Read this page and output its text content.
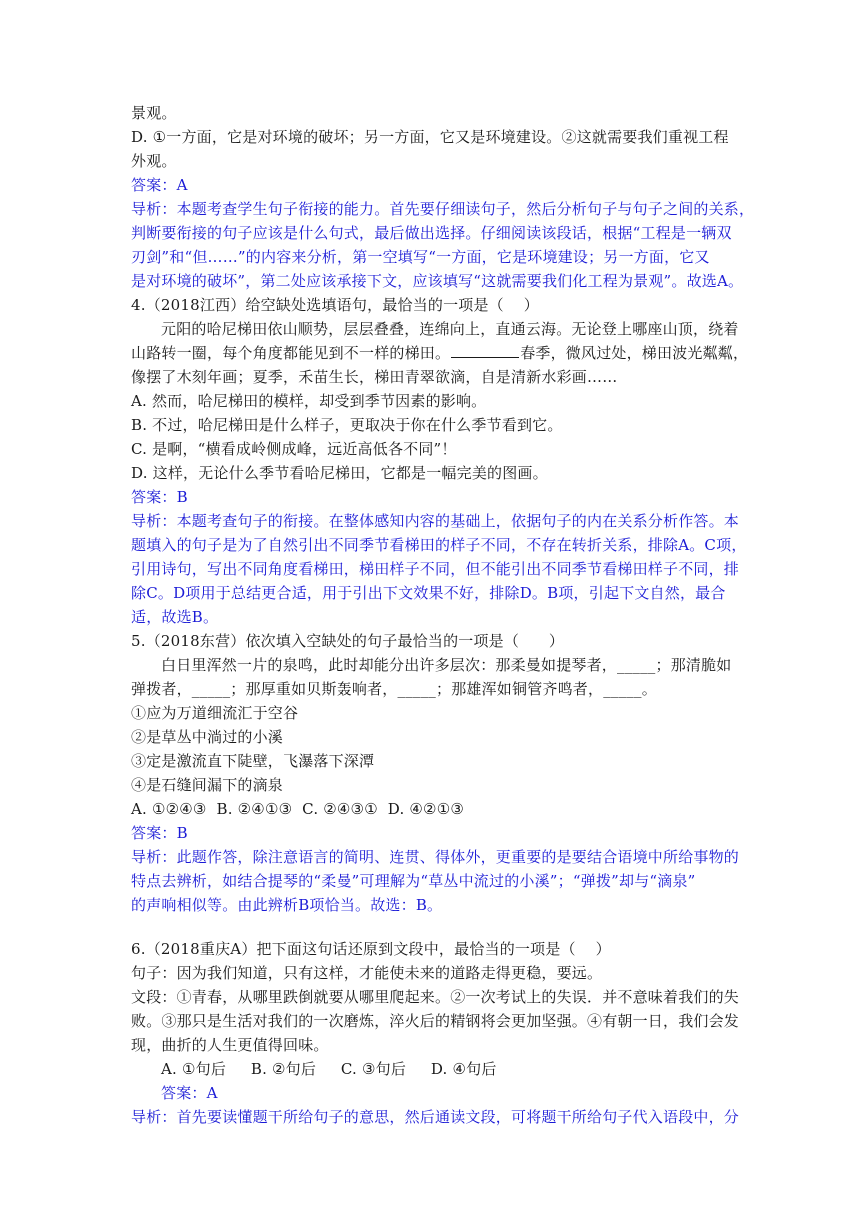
景观。

D. ①一方面，它是对环境的破坏；另一方面，它又是环境建设。②这就需要我们重视工程

外观。

答案：A

导析：本题考查学生句子衔接的能力。首先要仔细读句子，然后分析句子与句子之间的关系，

判断要衔接的句子应该是什么句式，最后做出选择。仔细阅读该段话，根据“工程是一辆双

刃剑”和“但……”的内容来分析，第一空填写“一方面，它是环境建设；另一方面，它又

是对环境的破坏”，第二处应该承接下文，应该填写“这就需要我们化工程为景观”。故选A。

4.（2018江西）给空缺处选填语句，最恰当的一项是（    ）

元阳的哈尼梯田依山顺势，层层叠叠，连绵向上，直通云海。无论登上哪座山顶，绕着

山路转一圈，每个角度都能见到不一样的梯田。	春季，微风过处，梯田波光粼粼，

像摆了木刻年画；夏季，禾苗生长，梯田青翠欲滴，自是清新水彩画……

A. 然而，哈尼梯田的模样，却受到季节因素的影响。

B. 不过，哈尼梯田是什么样子，更取决于你在什么季节看到它。

C. 是啊，“横看成岭侧成峰，远近高低各不同”！

D. 这样，无论什么季节看哈尼梯田，它都是一幅完美的图画。

答案：B

导析：本题考查句子的衔接。在整体感知内容的基础上，依据句子的内在关系分析作答。本

题填入的句子是为了自然引出不同季节看梯田的样子不同，不存在转折关系，排除A。C项，

引用诗句，写出不同角度看梯田，梯田样子不同，但不能引出不同季节看梯田样子不同，排

除C。D项用于总结更合适，用于引出下文效果不好，排除D。B项，引起下文自然，最合

适，故选B。

5.（2018东营）依次填入空缺处的句子最恰当的一项是（      ）

白日里浑然一片的泉鸣，此时却能分出许多层次：那柔曼如提琴者，_____；那清脆如

弹拨者，_____；那厚重如贝斯轰响者，_____；那雄浑如铜管齐鸣者，_____。

①应为万道细流汇于空谷

②是草丛中淌过的小溪

③定是激流直下陡壁，飞瀑落下深潭

④是石缝间漏下的滴泉

A. ①②④③  B. ②④①③  C. ②④③①  D. ④②①③

答案：B

导析：此题作答，除注意语言的简明、连贯、得体外，更重要的是要结合语境中所给事物的

特点去辨析，如结合提琴的“柔曼”可理解为“草丛中流过的小溪”；“弹拨”却与“滴泉”

的声响相似等。由此辨析B项恰当。故选：B。

6.（2018重庆A）把下面这句话还原到文段中，最恰当的一项是（    ）

句子：因为我们知道，只有这样，才能使未来的道路走得更稳，要远。

文段：①青春，从哪里跌倒就要从哪里爬起来。②一次考试上的失误．并不意味着我们的失

败。③那只是生活对我们的一次磨炼，淬火后的精钢将会更加坚强。④有朝一日，我们会发

现，曲折的人生更值得回味。

A. ①句后     B. ②句后     C. ③句后     D. ④句后

答案：A

导析：首先要读懂题干所给句子的意思，然后通读文段，可将题干所给句子代入语段中，分
